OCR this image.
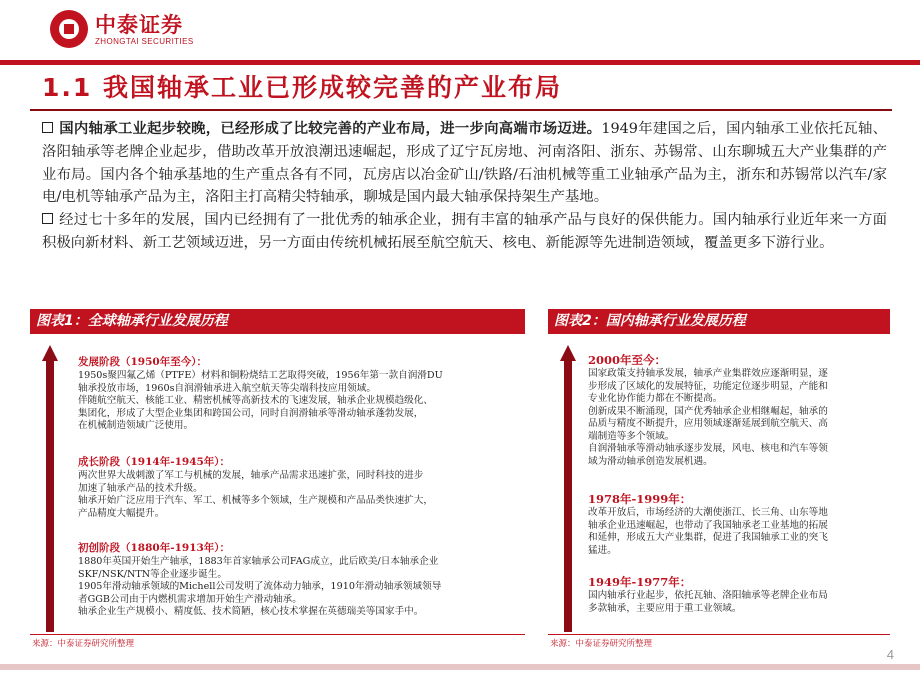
中泰证券
ZHONGTAI SECURITIES
1.1 我国轴承工业已形成较完善的产业布局

国内轴承工业起步较晚，已经形成了比较完善的产业布局，进一步向高端市场迈进。1949年建国之后，国内轴承工业依托瓦轴、洛阳轴承等老牌企业起步，借助改革开放浪潮迅速崛起，形成了辽宁瓦房地、河南洛阳、浙东、苏锡常、山东聊城五大产业集群的产业布局。国内各个轴承基地的生产重点各有不同，瓦房店以冶金矿山/铁路/石油机械等重工业轴承产品为主，浙东和苏锡常以汽车/家电/电机等轴承产品为主，洛阳主打高精尖特轴承，聊城是国内最大轴承保持架生产基地。

经过七十多年的发展，国内已经拥有了一批优秀的轴承企业，拥有丰富的轴承产品与良好的保供能力。国内轴承行业近年来一方面积极向新材料、新工艺领域迈进，另一方面由传统机械拓展至航空航天、核电、新能源等先进制造领域，覆盖更多下游行业。

图表1：全球轴承行业发展历程
发展阶段（1950年至今）：
1950s聚四氟乙烯（PTFE）材料和铜粉烧结工艺取得突破，1956年第一款自润滑DU
轴承投放市场，1960s自润滑轴承进入航空航天等尖端科技应用领域。
伴随航空航天、核能工业、精密机械等高新技术的飞速发展，轴承企业规模趋级化、
集团化，形成了大型企业集团和跨国公司，同时自润滑轴承等滑动轴承蓬勃发展，
在机械制造领域广泛使用。
成长阶段（1914年-1945年）：
两次世界大战刺激了军工与机械的发展，轴承产品需求迅速扩张，同时科技的进步
加速了轴承产品的技术升级。
轴承开始广泛应用于汽车、军工、机械等多个领域，生产规模和产品品类快速扩大，
产品精度大幅提升。
初创阶段（1880年-1913年）：
1880年英国开始生产轴承，1883年首家轴承公司FAG成立，此后欧美/日本轴承企业
SKF/NSK/NTN等企业逐步诞生。
1905年滑动轴承领域的Michell公司发明了流体动力轴承，1910年滑动轴承领域领导
者GGB公司由于内燃机需求增加开始生产滑动轴承。
轴承企业生产规模小、精度低、技术简陋，核心技术掌握在英德瑞美等国家手中。
来源：中泰证券研究所整理
图表2：国内轴承行业发展历程
2000年至今：
国家政策支持轴承发展，轴承产业集群效应逐渐明显，逐
步形成了区域化的发展特征，功能定位逐步明显，产能和
专业化协作能力都在不断提高。
创新成果不断涌现，国产优秀轴承企业相继崛起，轴承的
品质与精度不断提升，应用领域逐渐延展到航空航天、高
端制造等多个领域。
自润滑轴承等滑动轴承逐步发展，风电、核电和汽车等领
域为滑动轴承创造发展机遇。
1978年-1999年：
改革开放后，市场经济的大潮使浙江、长三角、山东等地
轴承企业迅速崛起，也带动了我国轴承老工业基地的拓展
和延伸，形成五大产业集群，促进了我国轴承工业的突飞
猛进。
1949年-1977年：
国内轴承行业起步，依托瓦轴、洛阳轴承等老牌企业布局
多款轴承，主要应用于重工业领域。
来源：中泰证券研究所整理
4
